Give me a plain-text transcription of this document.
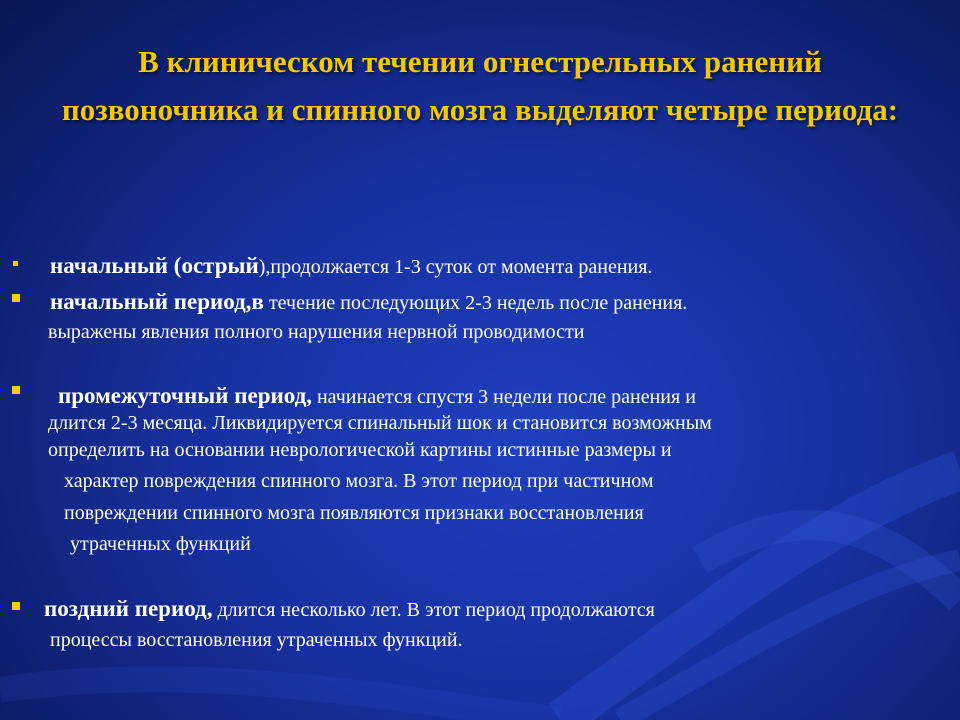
В клиническом течении огнестрельных ранений позвоночника и спинного мозга выделяют четыре периода:

начальный (острый),продолжается 1-3 суток от момента ранения.

начальный период,в течение последующих 2-3 недель после ранения.

выражены явления полного нарушения нервной проводимости

промежуточный период, начинается спустя 3 недели после ранения и

длится 2-3 месяца. Ликвидируется спинальный шок и становится возможным

определить на основании неврологической картины истинные размеры и

характер повреждения спинного мозга. В этот период при частичном

повреждении спинного мозга появляются признаки восстановления

утраченных функций

поздний период, длится несколько лет. В этот период продолжаются

процессы восстановления утраченных функций.
